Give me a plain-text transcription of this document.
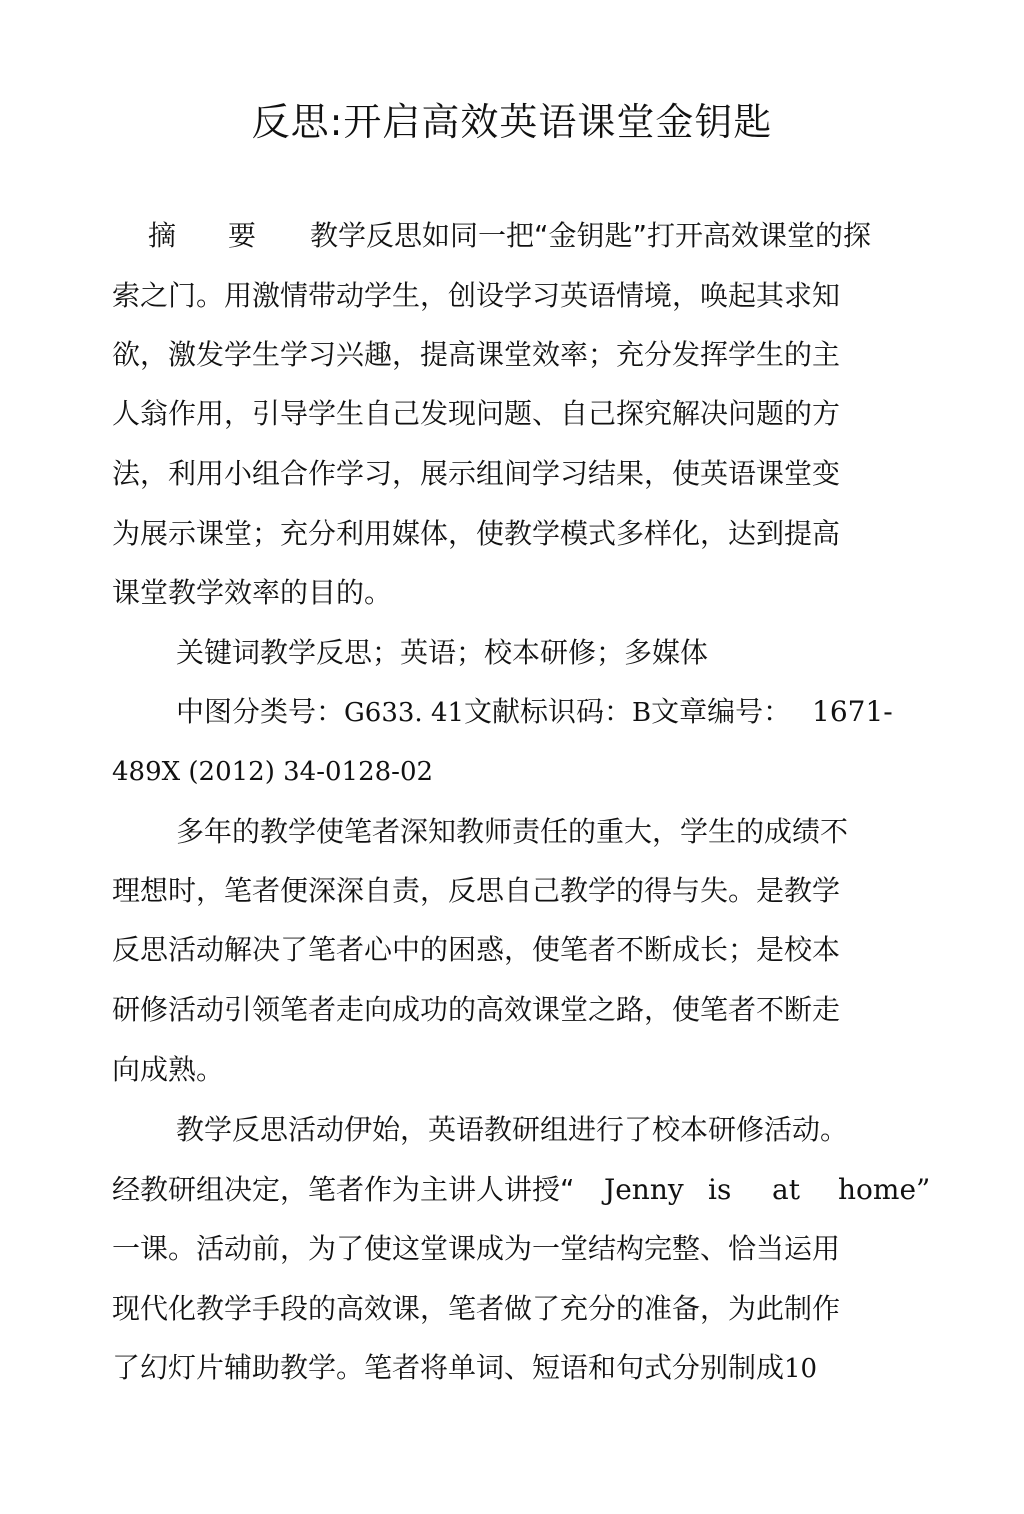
反思:开启高效英语课堂金钥匙
摘 要 教学反思如同一把“金钥匙”打开高效课堂的探
索之门。用激情带动学生，创设学习英语情境，唤起其求知
欲，激发学生学习兴趣，提高课堂效率；充分发挥学生的主
人翁作用，引导学生自己发现问题、自己探究解决问题的方
法，利用小组合作学习，展示组间学习结果，使英语课堂变
为展示课堂；充分利用媒体，使教学模式多样化，达到提高
课堂教学效率的目的。
关键词教学反思；英语；校本研修；多媒体
中图分类号：G633. 41文献标识码：B文章编号： 1671-
489X (2012) 34-0128-02
多年的教学使笔者深知教师责任的重大，学生的成绩不
理想时，笔者便深深自责，反思自己教学的得与失。是教学
反思活动解决了笔者心中的困惑，使笔者不断成长；是校本
研修活动引领笔者走向成功的高效课堂之路，使笔者不断走
向成熟。
教学反思活动伊始，英语教研组进行了校本研修活动。
经教研组决定，笔者作为主讲人讲授“ Jenny is at home”
一课。活动前，为了使这堂课成为一堂结构完整、恰当运用
现代化教学手段的高效课，笔者做了充分的准备，为此制作
了幻灯片辅助教学。笔者将单词、短语和句式分别制成10
